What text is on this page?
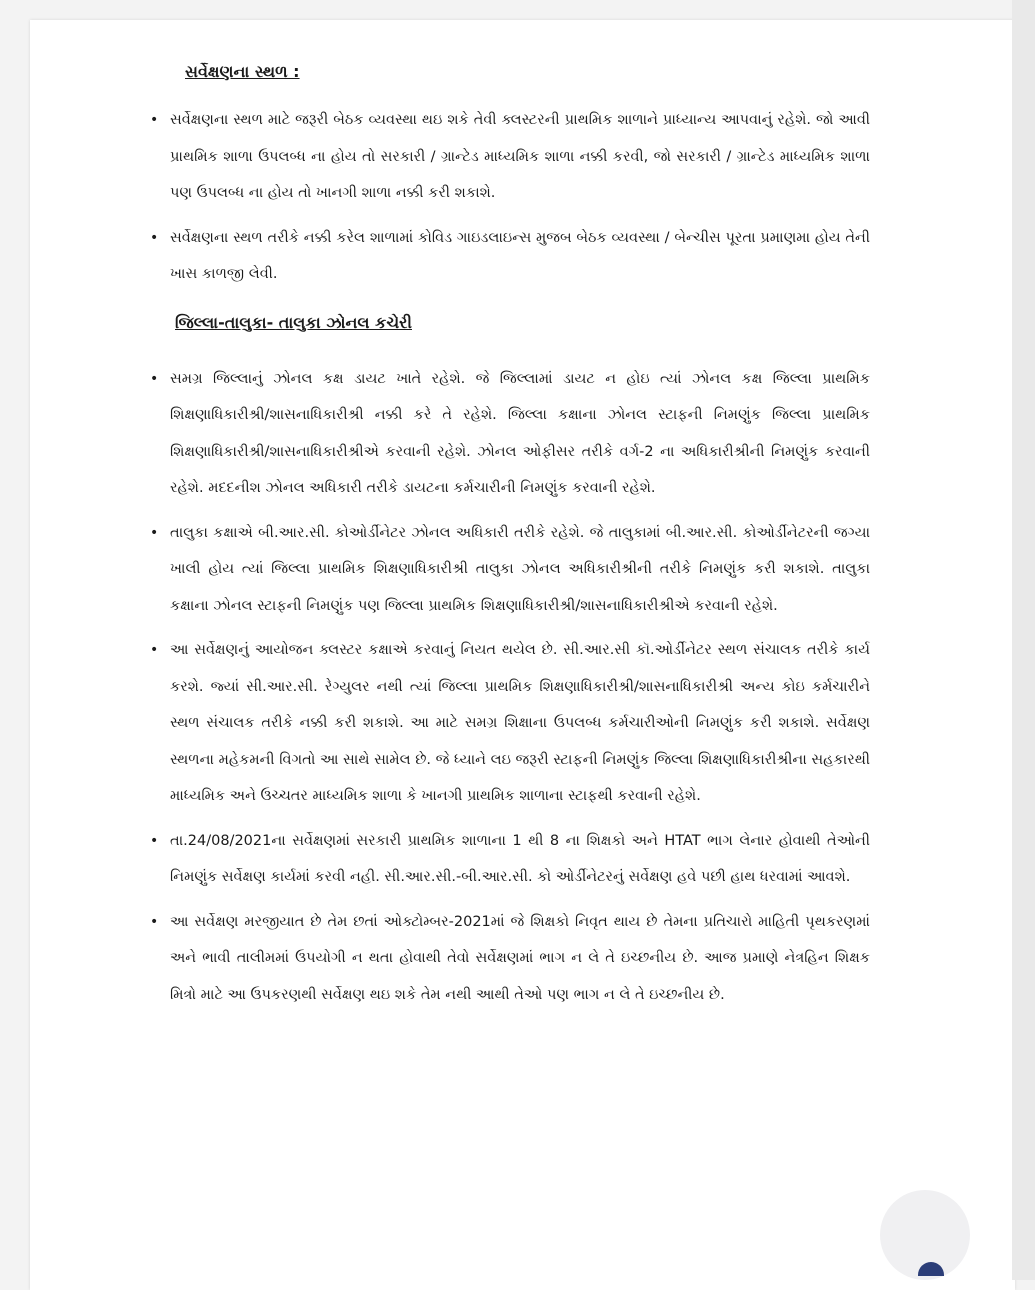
સર્વેક્ષણના સ્થળ :
• સર્વેક્ષણના સ્થળ માટે જરૂરી બેઠક વ્યવસ્થા થઇ શકે તેવી ક્લસ્ટરની પ્રાથમિક શાળાને પ્રાધ્યાન્ય આપવાનું રહેશે. જો આવી પ્રાથમિક શાળા ઉપલબ્ધ ના હોય તો સરકારી / ગ્રાન્ટેડ માધ્યમિક શાળા નક્કી કરવી, જો સરકારી / ગ્રાન્ટેડ માધ્યમિક શાળા પણ ઉપલબ્ધ ના હોય તો ખાનગી શાળા નક્કી કરી શકાશે.
• સર્વેક્ષણના સ્થળ તરીકે નક્કી કરેલ શાળામાં કોવિડ ગાઇડલાઇન્સ મુજબ બેઠક વ્યવસ્થા / બેન્ચીસ પૂરતા પ્રમાણમા હોય તેની ખાસ કાળજી લેવી.
જિલ્લા-તાલુકા- તાલુકા ઝોનલ કચેરી
• સમગ્ર જિલ્લાનું ઝોનલ કક્ષ ડાયટ ખાતે રહેશે. જે જિલ્લામાં ડાયટ ન હોઇ ત્યાં ઝોનલ કક્ષ જિલ્લા પ્રાથમિક શિક્ષણાધિકારીશ્રી/શાસનાધિકારીશ્રી નક્કી કરે તે રહેશે. જિલ્લા કક્ષાના ઝોનલ સ્ટાફની નિમણુંક જિલ્લા પ્રાથમિક શિક્ષણાધિકારીશ્રી/શાસનાધિકારીશ્રીએ કરવાની રહેશે. ઝોનલ ઓફીસર તરીકે વર્ગ-2 ના અધિકારીશ્રીની નિમણુંક કરવાની રહેશે. મદદનીશ ઝોનલ અધિકારી તરીકે ડાયટના કર્મચારીની નિમણુંક કરવાની રહેશે.
• તાલુકા કક્ષાએ બી.આર.સી. કોઓર્ડીનેટર ઝોનલ અધિકારી તરીકે રહેશે. જે તાલુકામાં બી.આર.સી. કોઓર્ડીનેટરની જગ્યા ખાલી હોય ત્યાં જિલ્લા પ્રાથમિક શિક્ષણાધિકારીશ્રી તાલુકા ઝોનલ અધિકારીશ્રીની તરીકે નિમણુંક કરી શકાશે. તાલુકા કક્ષાના ઝોનલ સ્ટાફની નિમણુંક પણ જિલ્લા પ્રાથમિક શિક્ષણાધિકારીશ્રી/શાસનાધિકારીશ્રીએ કરવાની રહેશે.
• આ સર્વેક્ષણનું આયોજન ક્લસ્ટર કક્ષાએ કરવાનું નિયત થયેલ છે. સી.આર.સી કૉ.ઓર્ડીનેટર સ્થળ સંચાલક તરીકે કાર્ય કરશે. જ્યાં સી.આર.સી. રેગ્યુલર નથી ત્યાં જિલ્લા પ્રાથમિક શિક્ષણાધિકારીશ્રી/શાસનાધિકારીશ્રી અન્ય કોઇ કર્મચારીને સ્થળ સંચાલક તરીકે નક્કી કરી શકાશે. આ માટે સમગ્ર શિક્ષાના ઉપલબ્ધ કર્મચારીઓની નિમણુંક કરી શકાશે. સર્વેક્ષણ સ્થળના મહેકમની વિગતો આ સાથે સામેલ છે. જે ધ્યાને લઇ જરૂરી સ્ટાફની નિમણુંક જિલ્લા શિક્ષણાધિકારીશ્રીના સહકારથી માધ્યમિક અને ઉચ્ચતર માધ્યમિક શાળા કે ખાનગી પ્રાથમિક શાળાના સ્ટાફથી કરવાની રહેશે.
• તા.24/08/2021ના સર્વેક્ષણમાં સરકારી પ્રાથમિક શાળાના 1 થી 8 ના શિક્ષકો અને HTAT ભાગ લેનાર હોવાથી તેઓની નિમણુંક સર્વેક્ષણ કાર્યમાં કરવી નહી. સી.આર.સી.-બી.આર.સી. કો ઓર્ડીનેટરનું સર્વેક્ષણ હવે પછી હાથ ધરવામાં આવશે.
• આ સર્વેક્ષણ મરજીયાત છે તેમ છતાં ઓક્ટોમ્બર-2021માં જે શિક્ષકો નિવૃત થાય છે તેમના પ્રતિચારો માહિતી પૃથકરણમાં અને ભાવી તાલીમમાં ઉપયોગી ન થતા હોવાથી તેવો સર્વેક્ષણમાં ભાગ ન લે તે ઇચ્છનીય છે. આજ પ્રમાણે નેત્રહિન શિક્ષક મિત્રો માટે આ ઉપકરણથી સર્વેક્ષણ થઇ શકે તેમ નથી આથી તેઓ પણ ભાગ ન લે તે ઇચ્છનીય છે.
